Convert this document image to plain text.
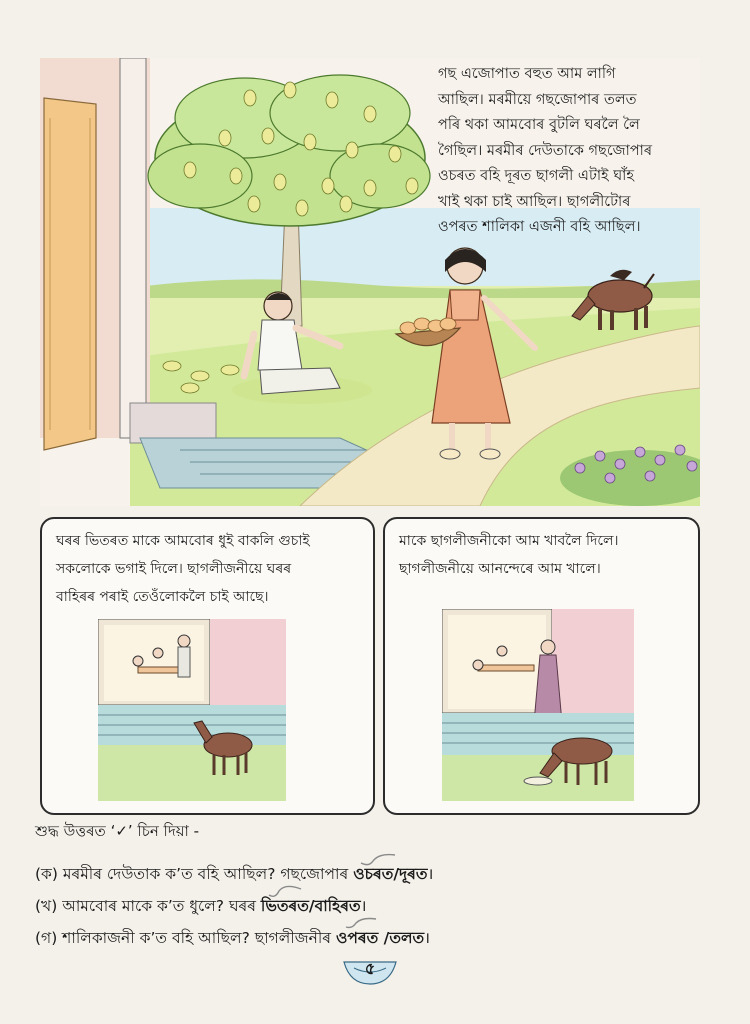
গছ এজোপাত বহুত আম লাগি
আছিল। মৰমীয়ে গছজোপাৰ তলত
পৰি থকা আমবোৰ বুটলি ঘৰলৈ লৈ
গৈছিল। মৰমীৰ দেউতাকে গছজোপাৰ
ওচৰত বহি দূৰত ছাগলী এটাই ঘাঁহ
খাই থকা চাই আছিল। ছাগলীটোৰ
ওপৰত শালিকা এজনী বহি আছিল।
ঘৰৰ ভিতৰত মাকে আমবোৰ ধুই বাকলি গুচাই
সকলোকে ভগাই দিলে। ছাগলীজনীয়ে ঘৰৰ
বাহিৰৰ পৰাই তেওঁলোকলৈ চাই আছে।
মাকে ছাগলীজনীকো আম খাবলৈ দিলে।
ছাগলীজনীয়ে আনন্দেৰে আম খালে।
শুদ্ধ উত্তৰত ‘✓’ চিন দিয়া -
(ক) মৰমীৰ দেউতাক ক’ত বহি আছিল? গছজোপাৰ ওচৰত
/দূৰত।
(খ) আমবোৰ মাকে ক’ত ধুলে? ঘৰৰ ভিতৰত
/বাহিৰত।
(গ) শালিকাজনী ক’ত বহি আছিল? ছাগলীজনীৰ ওপৰত
/তলত।
৫
